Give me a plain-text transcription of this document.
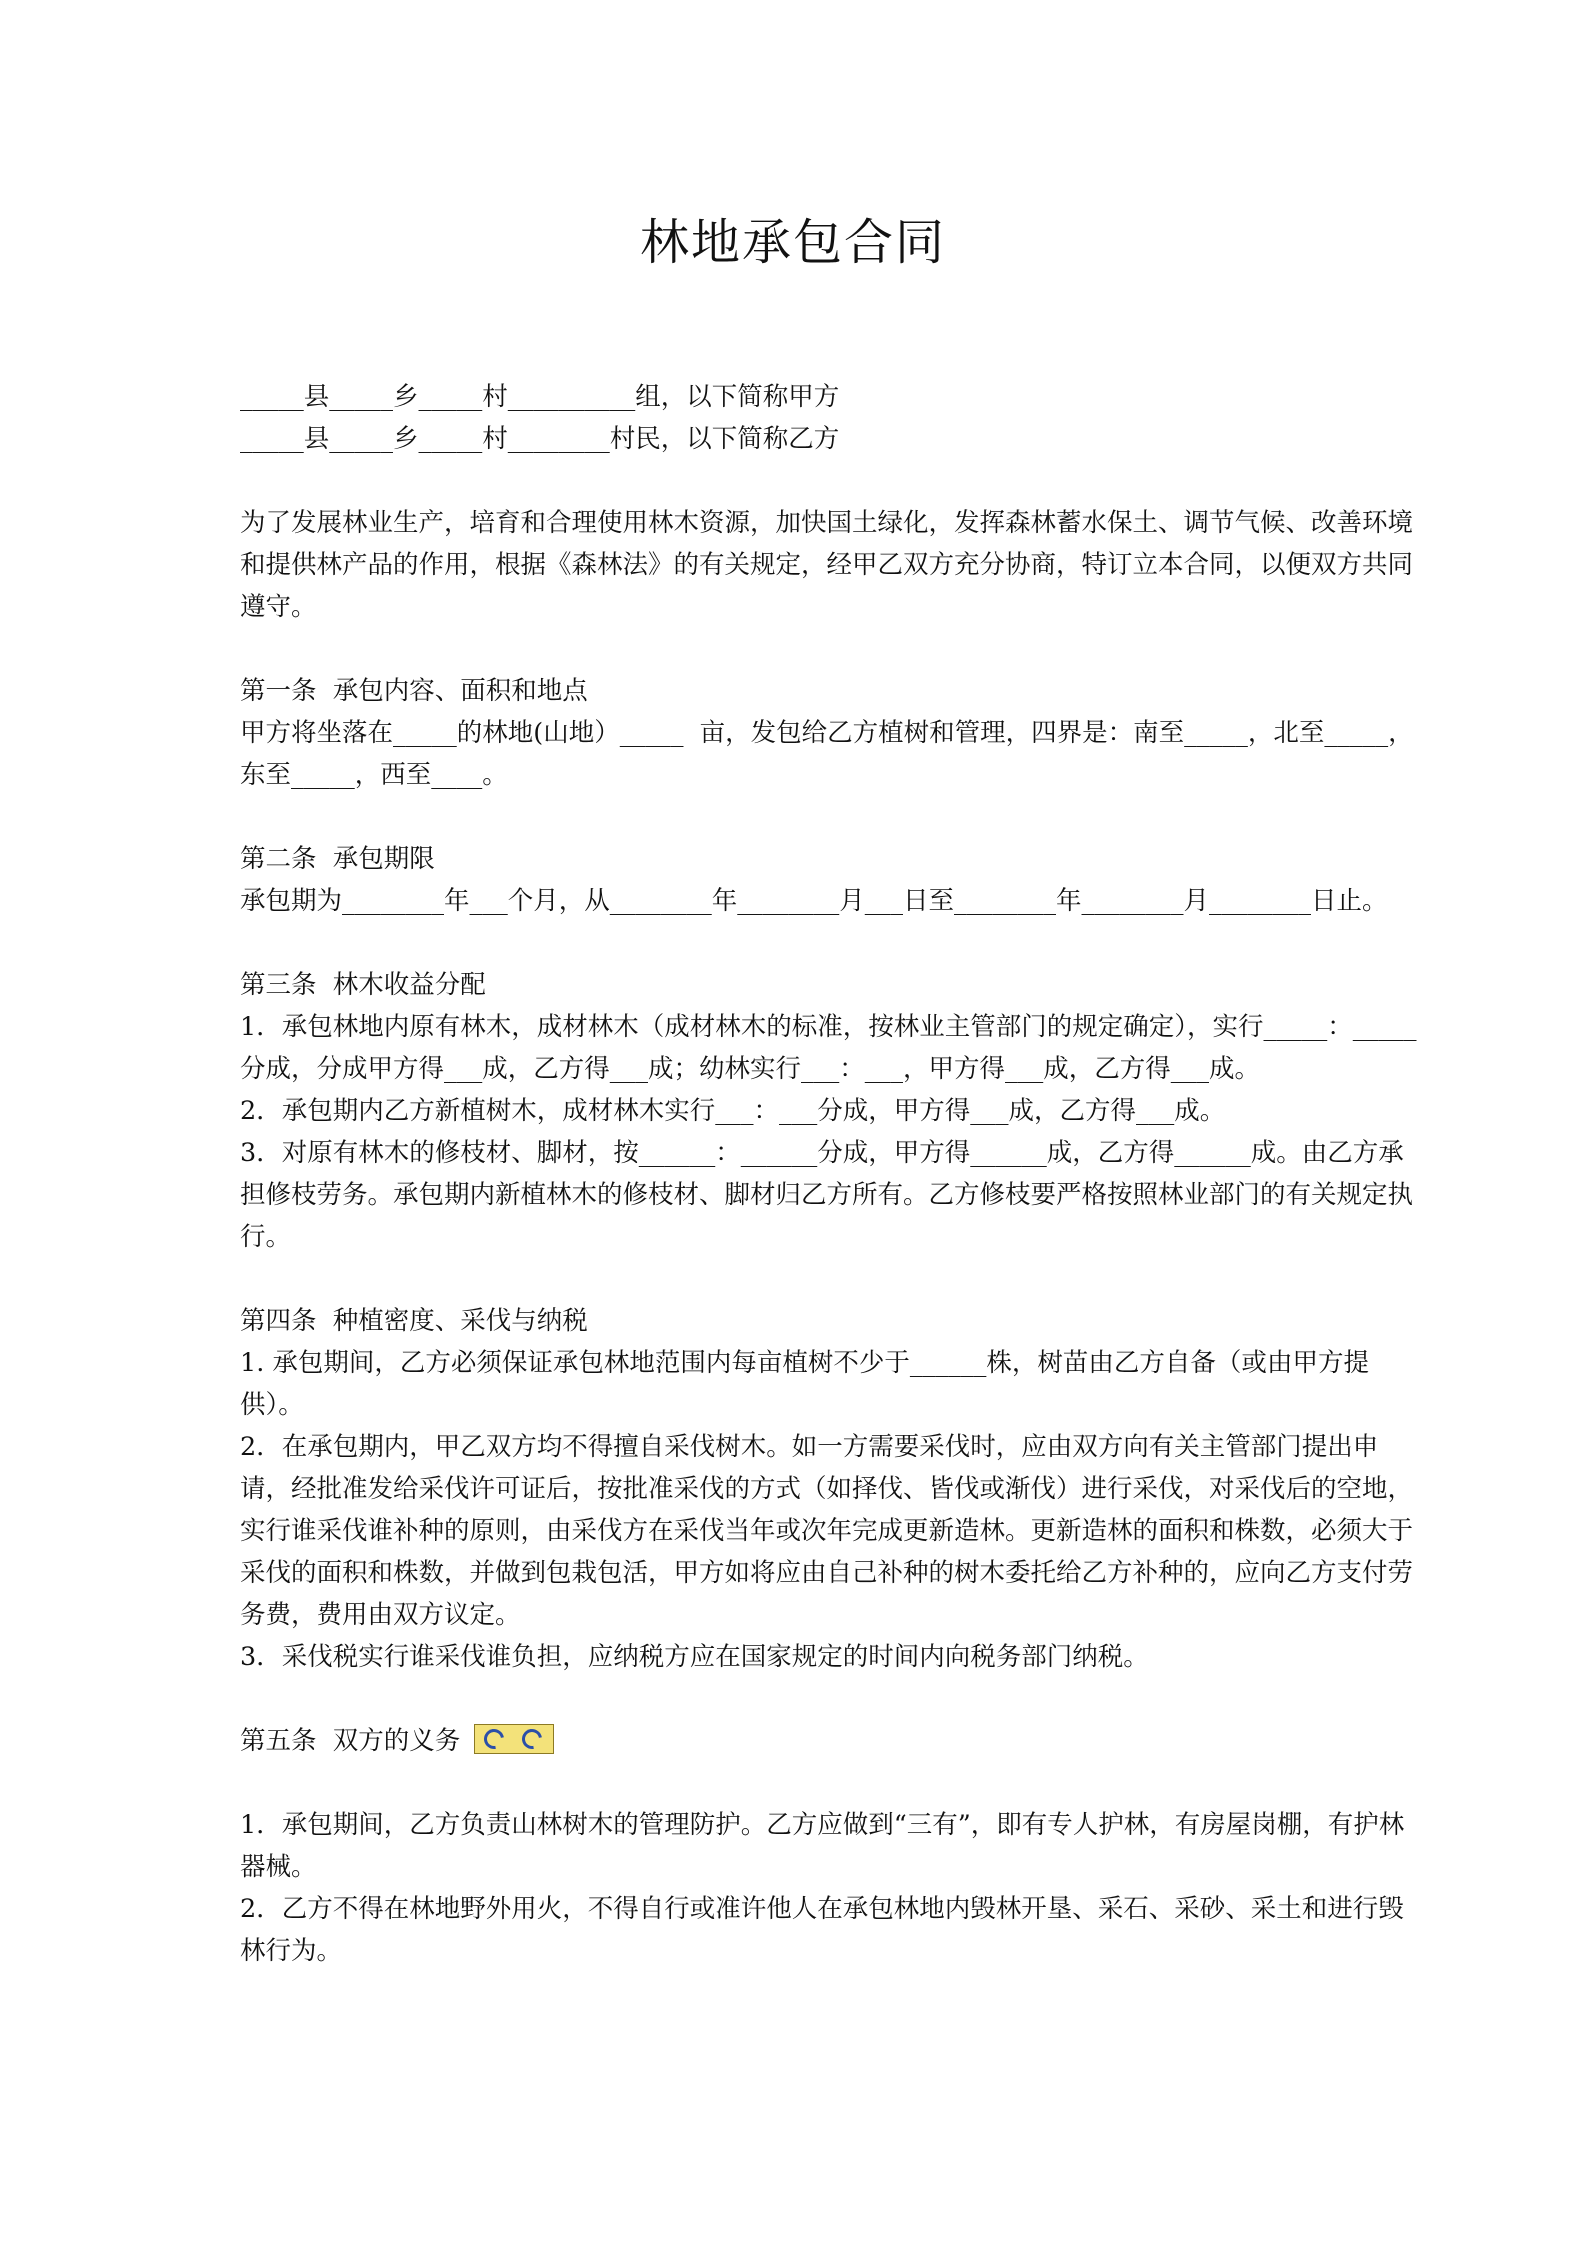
林地承包合同

_____县_____乡_____村__________组，以下简称甲方

_____县_____乡_____村________村民，以下简称乙方

为了发展林业生产，培育和合理使用林木资源，加快国土绿化，发挥森林蓄水保土、调节气候、改善环境和提供林产品的作用，根据《森林法》的有关规定，经甲乙双方充分协商，特订立本合同，以便双方共同遵守。

第一条  承包内容、面积和地点

甲方将坐落在_____的林地(山地）_____  亩，发包给乙方植树和管理，四界是：南至_____，北至_____，东至_____，西至____。

第二条  承包期限

承包期为________年___个月，从________年________月___日至________年________月________日止。

第三条  林木收益分配

1．承包林地内原有林木，成材林木（成材林木的标准，按林业主管部门的规定确定），实行_____：_____分成，分成甲方得___成，乙方得___成；幼林实行___：___，甲方得___成，乙方得___成。

2．承包期内乙方新植树木，成材林木实行___：___分成，甲方得___成，乙方得___成。

3．对原有林木的修枝材、脚材，按______：______分成，甲方得______成，乙方得______成。由乙方承担修枝劳务。承包期内新植林木的修枝材、脚材归乙方所有。乙方修枝要严格按照林业部门的有关规定执行。

第四条  种植密度、采伐与纳税

1. 承包期间，乙方必须保证承包林地范围内每亩植树不少于______株，树苗由乙方自备（或由甲方提供）。

2．在承包期内，甲乙双方均不得擅自采伐树木。如一方需要采伐时，应由双方向有关主管部门提出申请，经批准发给采伐许可证后，按批准采伐的方式（如择伐、皆伐或渐伐）进行采伐，对采伐后的空地，实行谁采伐谁补种的原则，由采伐方在采伐当年或次年完成更新造林。更新造林的面积和株数，必须大于采伐的面积和株数，并做到包栽包活，甲方如将应由自己补种的树木委托给乙方补种的，应向乙方支付劳务费，费用由双方议定。

3．采伐税实行谁采伐谁负担，应纳税方应在国家规定的时间内向税务部门纳税。

第五条  双方的义务

1．承包期间，乙方负责山林树木的管理防护。乙方应做到“三有”，即有专人护林，有房屋岗棚，有护林器械。

2．乙方不得在林地野外用火，不得自行或准许他人在承包林地内毁林开垦、采石、采砂、采土和进行毁林行为。
